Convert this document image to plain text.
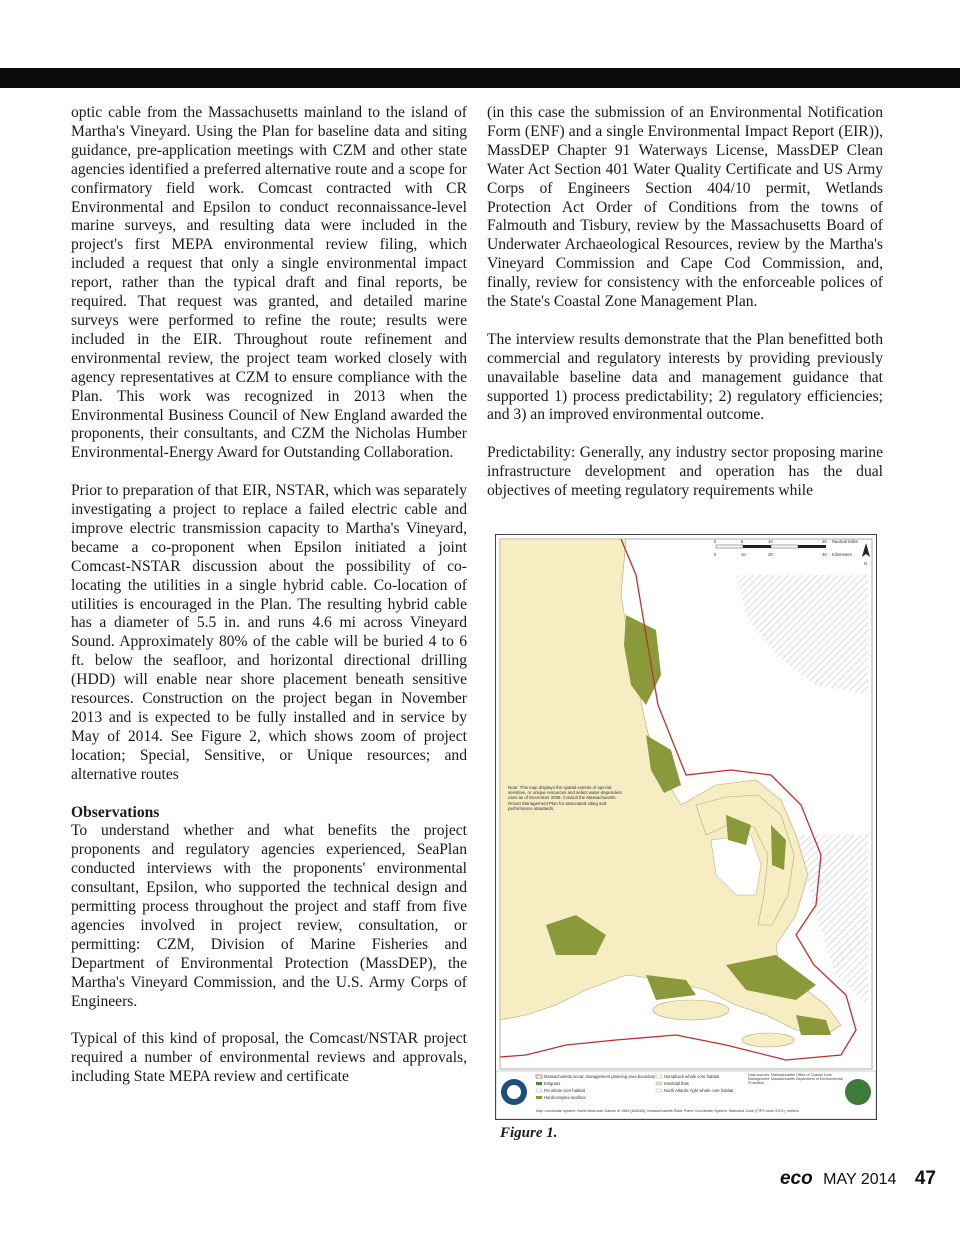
optic cable from the Massachusetts mainland to the island of Martha's Vineyard. Using the Plan for baseline data and siting guidance, pre-application meetings with CZM and other state agencies identified a preferred alternative route and a scope for confirmatory field work. Comcast contracted with CR Environmental and Epsilon to conduct reconnaissance-level marine surveys, and resulting data were included in the project's first MEPA environmental review filing, which included a request that only a single environmental impact report, rather than the typical draft and final reports, be required. That request was granted, and detailed marine surveys were performed to refine the route; results were included in the EIR. Throughout route refinement and environmental review, the project team worked closely with agency representatives at CZM to ensure compliance with the Plan. This work was recognized in 2013 when the Environmental Business Council of New England awarded the proponents, their consultants, and CZM the Nicholas Humber Environmental-Energy Award for Outstanding Collaboration.

Prior to preparation of that EIR, NSTAR, which was separately investigating a project to replace a failed electric cable and improve electric transmission capacity to Martha's Vineyard, became a co-proponent when Epsilon initiated a joint Comcast-NSTAR discussion about the possibility of co-locating the utilities in a single hybrid cable. Co-location of utilities is encouraged in the Plan. The resulting hybrid cable has a diameter of 5.5 in. and runs 4.6 mi across Vineyard Sound. Approximately 80% of the cable will be buried 4 to 6 ft. below the seafloor, and horizontal directional drilling (HDD) will enable near shore placement beneath sensitive resources. Construction on the project began in November 2013 and is expected to be fully installed and in service by May of 2014. See Figure 2, which shows zoom of project location; Special, Sensitive, or Unique resources; and alternative routes

Observations
To understand whether and what benefits the project proponents and regulatory agencies experienced, SeaPlan conducted interviews with the proponents' environmental consultant, Epsilon, who supported the technical design and permitting process throughout the project and staff from five agencies involved in project review, consultation, or permitting: CZM, Division of Marine Fisheries and Department of Environmental Protection (MassDEP), the Martha's Vineyard Commission, and the U.S. Army Corps of Engineers.

Typical of this kind of proposal, the Comcast/NSTAR project required a number of environmental reviews and approvals, including State MEPA review and certificate

(in this case the submission of an Environmental Notification Form (ENF) and a single Environmental Impact Report (EIR)), MassDEP Chapter 91 Waterways License, MassDEP Clean Water Act Section 401 Water Quality Certificate and US Army Corps of Engineers Section 404/10 permit, Wetlands Protection Act Order of Conditions from the towns of Falmouth and Tisbury, review by the Massachusetts Board of Underwater Archaeological Resources, review by the Martha's Vineyard Commission and Cape Cod Commission, and, finally, review for consistency with the enforceable polices of the State's Coastal Zone Management Plan.

The interview results demonstrate that the Plan benefitted both commercial and regulatory interests by providing previously unavailable baseline data and management guidance that supported 1) process predictability; 2) regulatory efficiencies; and 3) an improved environmental outcome.

Predictability: Generally, any industry sector proposing marine infrastructure development and operation has the dual objectives of meeting regulatory requirements while

0	5	10	20 Nautical Miles
0	10	20	40 Kilometers
N
Note: This map displays the spatial extents of special, sensitive, or unique resources and select water-dependent uses as of December 2009. Consult the Massachusetts Ocean Management Plan for associated siting and performance standards.
Massachusetts ocean management planning area boundary
Eelgrass
Fin whale core habitat
Hard/complex seafloor
Humpback whale core habitat
Intertidal flats
North Atlantic right whale core habitat
Data sources: Massachusetts Office of Coastal Zone Management; Massachusetts Department of Environmental Protection
Map coordinate system: North American Datum of 1983 (NAD83), Massachusetts State Plane Coordinate System, Mainland Zone (FIPS zone 2001), meters.
Figure 1.
eco MAY 2014 47
